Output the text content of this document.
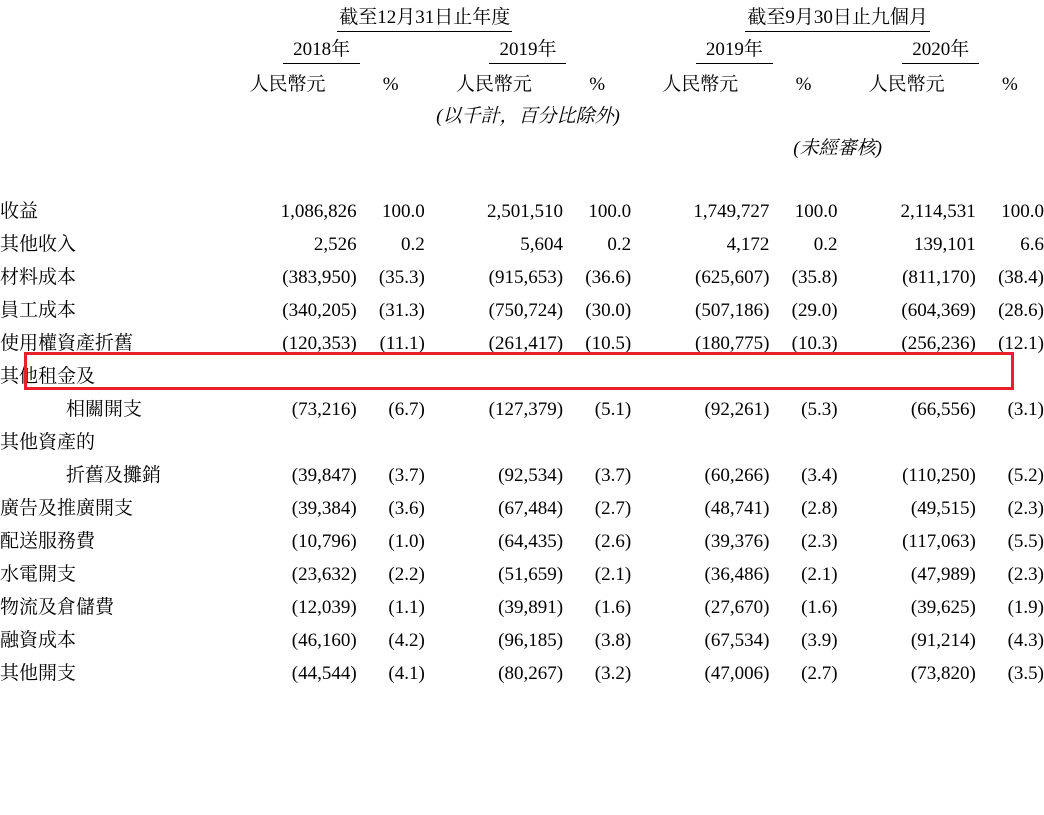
	截至12月31日止年度				截至9月30日止九個月			
	2018年		2019年		2019年		2020年	
	人民幣元	%	人民幣元	%	人民幣元	%	人民幣元	%
	(以千計，百分比除外)							
					(未經審核)			

收益	1,086,826	100.0	2,501,510	100.0	1,749,727	100.0	2,114,531	100.0
其他收入	2,526	0.2	5,604	0.2	4,172	0.2	139,101	6.6
材料成本	(383,950)	(35.3)	(915,653)	(36.6)	(625,607)	(35.8)	(811,170)	(38.4)
員工成本	(340,205)	(31.3)	(750,724)	(30.0)	(507,186)	(29.0)	(604,369)	(28.6)
使用權資產折舊	(120,353)	(11.1)	(261,417)	(10.5)	(180,775)	(10.3)	(256,236)	(12.1)
其他租金及								
相關開支	(73,216)	(6.7)	(127,379)	(5.1)	(92,261)	(5.3)	(66,556)	(3.1)
其他資產的								
折舊及攤銷	(39,847)	(3.7)	(92,534)	(3.7)	(60,266)	(3.4)	(110,250)	(5.2)
廣告及推廣開支	(39,384)	(3.6)	(67,484)	(2.7)	(48,741)	(2.8)	(49,515)	(2.3)
配送服務費	(10,796)	(1.0)	(64,435)	(2.6)	(39,376)	(2.3)	(117,063)	(5.5)
水電開支	(23,632)	(2.2)	(51,659)	(2.1)	(36,486)	(2.1)	(47,989)	(2.3)
物流及倉儲費	(12,039)	(1.1)	(39,891)	(1.6)	(27,670)	(1.6)	(39,625)	(1.9)
融資成本	(46,160)	(4.2)	(96,185)	(3.8)	(67,534)	(3.9)	(91,214)	(4.3)
其他開支	(44,544)	(4.1)	(80,267)	(3.2)	(47,006)	(2.7)	(73,820)	(3.5)
